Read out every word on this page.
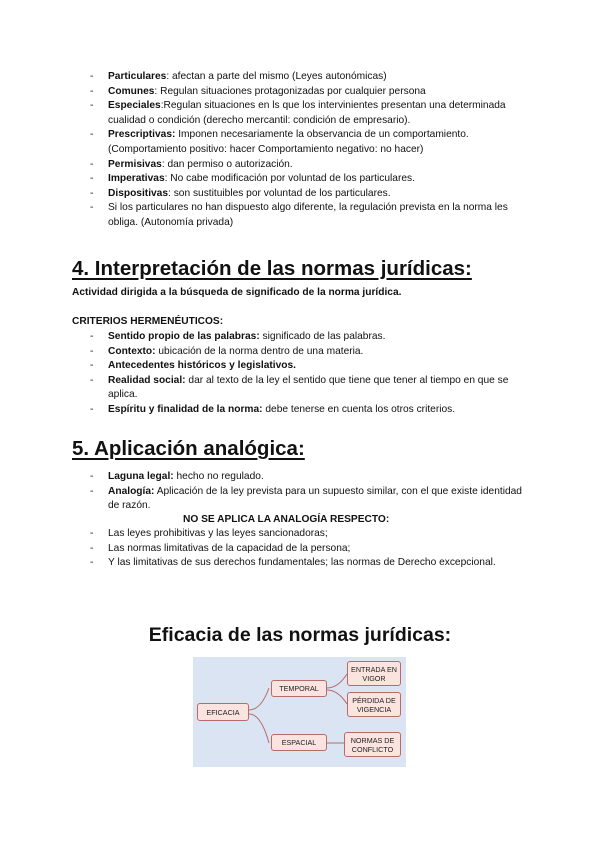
- Particulares: afectan a parte del mismo (Leyes autonómicas)
- Comunes: Regulan situaciones protagonizadas por cualquier persona
- Especiales:Regulan situaciones en ls que los intervinientes presentan una determinada cualidad o condición (derecho mercantil: condición de empresario).
- Prescriptivas: Imponen necesariamente la observancia de un comportamiento. (Comportamiento positivo: hacer Comportamiento negativo: no hacer)
- Permisivas: dan permiso o autorización.
- Imperativas: No cabe modificación por voluntad de los particulares.
- Dispositivas: son sustituibles por voluntad de los particulares.
- Si los particulares no han dispuesto algo diferente, la regulación prevista en la norma les obliga. (Autonomía privada)
4. Interpretación de las normas jurídicas:

Actividad dirigida a la búsqueda de significado de la norma jurídica.

CRITERIOS HERMENÉUTICOS:

- Sentido propio de las palabras: significado de las palabras.
- Contexto: ubicación de la norma dentro de una materia.
- Antecedentes históricos y legislativos.
- Realidad social: dar al texto de la ley el sentido que tiene que tener al tiempo en que se aplica.
- Espíritu y finalidad de la norma: debe tenerse en cuenta los otros criterios.
5. Aplicación analógica:
- Laguna legal: hecho no regulado.
- Analogía: Aplicación de la ley prevista para un supuesto similar, con el que existe identidad de razón.

NO SE APLICA LA ANALOGÍA RESPECTO:

- Las leyes prohibitivas y las leyes sancionadoras;
- Las normas limitativas de la capacidad de la persona;
- Y las limitativas de sus derechos fundamentales; las normas de Derecho excepcional.
Eficacia de las normas jurídicas:
EFICACIA
TEMPORAL
ESPACIAL
ENTRADA EN VIGOR
PÉRDIDA DE VIGENCIA
NORMAS DE CONFLICTO
